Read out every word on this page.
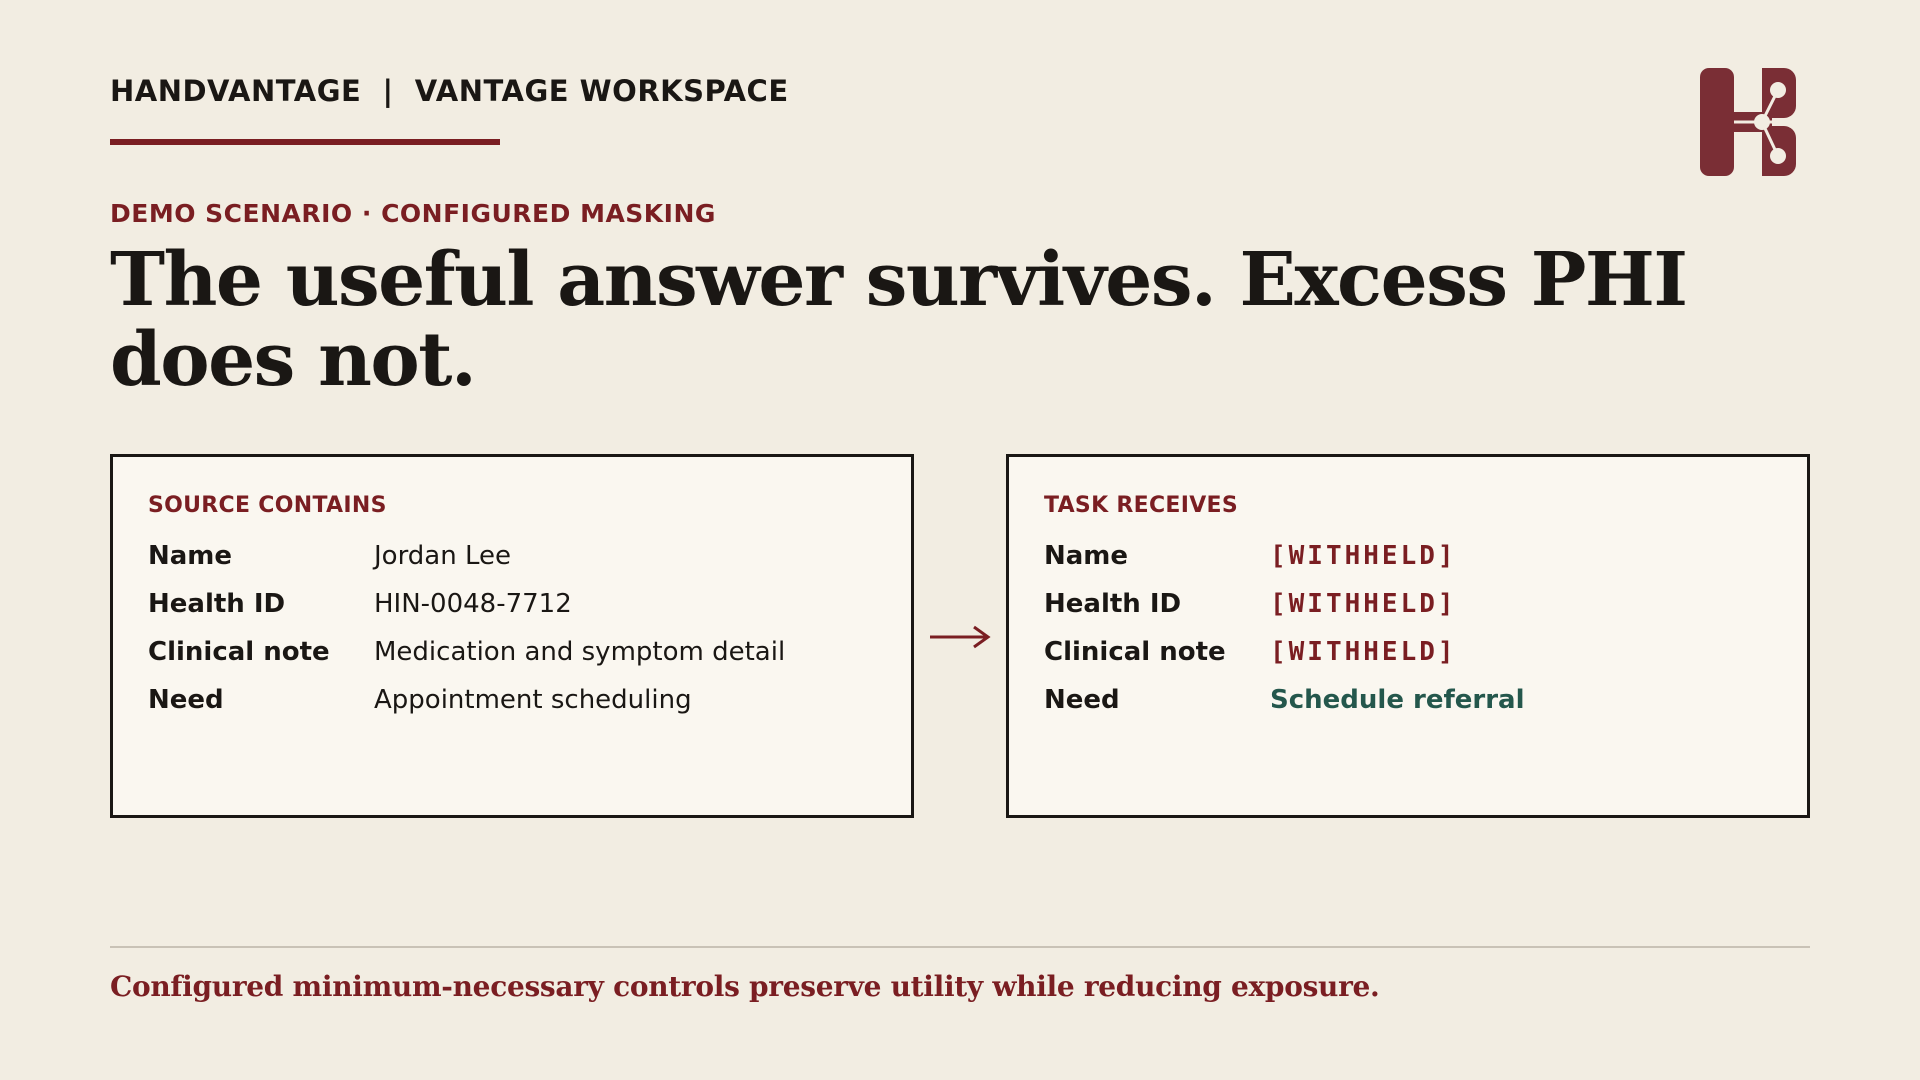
HANDVANTAGE  |  VANTAGE WORKSPACE
DEMO SCENARIO · CONFIGURED MASKING
The useful answer survives. Excess PHI does not.
SOURCE CONTAINS
Name	Jordan Lee
Health ID	HIN-0048-7712
Clinical note Medication and symptom detail
Need	Appointment scheduling
TASK RECEIVES
Name	[WITHHELD]
Health ID	[WITHHELD]
Clinical note [WITHHELD]
Need	Schedule referral
Configured minimum-necessary controls preserve utility while reducing exposure.
